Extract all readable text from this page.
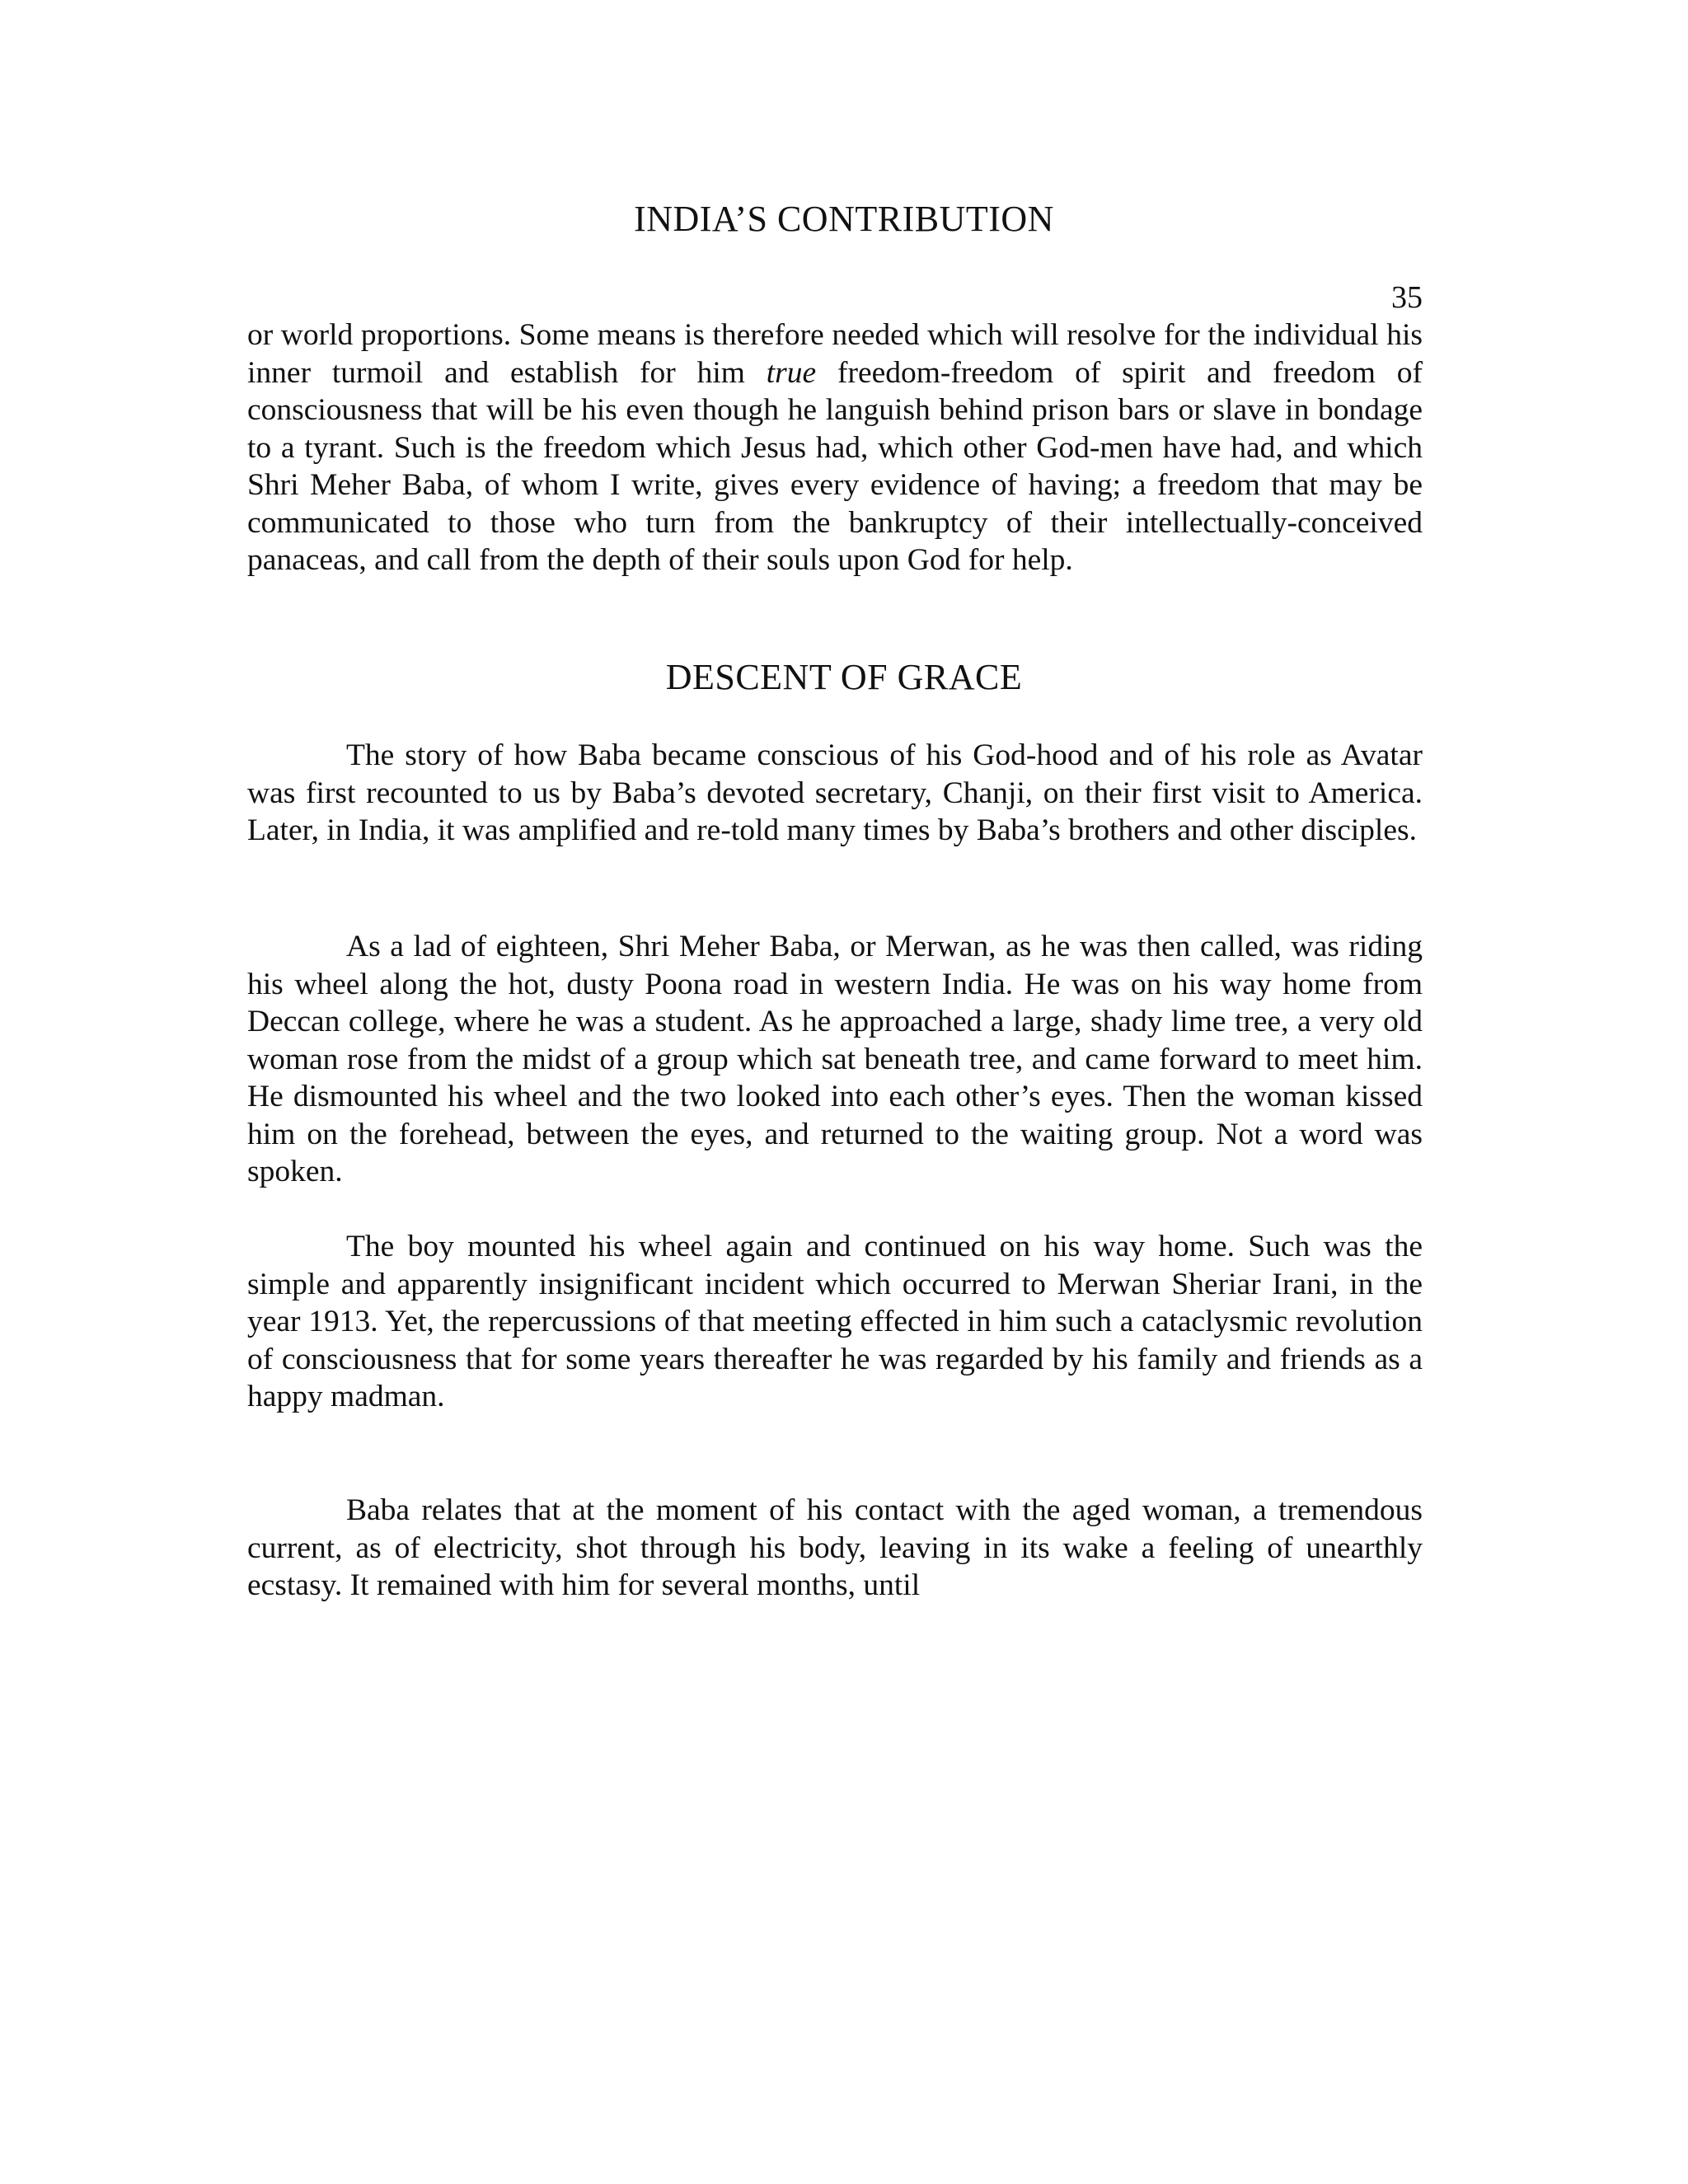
INDIA’S CONTRIBUTION
35

or world proportions. Some means is therefore needed which will resolve for the individual his inner turmoil and establish for him true freedom-freedom of spirit and freedom of consciousness that will be his even though he languish behind prison bars or slave in bondage to a tyrant. Such is the freedom which Jesus had, which other God-men have had, and which Shri Meher Baba, of whom I write, gives every evidence of having; a freedom that may be communicated to those who turn from the bankruptcy of their intellectually-conceived panaceas, and call from the depth of their souls upon God for help.

DESCENT OF GRACE

The story of how Baba became conscious of his God-hood and of his role as Avatar was first recounted to us by Baba’s devoted secretary, Chanji, on their first visit to America. Later, in India, it was amplified and re-told many times by Baba’s brothers and other disciples.

As a lad of eighteen, Shri Meher Baba, or Merwan, as he was then called, was riding his wheel along the hot, dusty Poona road in western India. He was on his way home from Deccan college, where he was a student. As he approached a large, shady lime tree, a very old woman rose from the midst of a group which sat beneath tree, and came forward to meet him. He dismounted his wheel and the two looked into each other’s eyes. Then the woman kissed him on the forehead, between the eyes, and returned to the waiting group. Not a word was spoken.

The boy mounted his wheel again and continued on his way home. Such was the simple and apparently insignificant incident which occurred to Merwan Sheriar Irani, in the year 1913. Yet, the repercussions of that meeting effected in him such a cataclysmic revolution of consciousness that for some years thereafter he was regarded by his family and friends as a happy madman.

Baba relates that at the moment of his contact with the aged woman, a tremendous current, as of electricity, shot through his body, leaving in its wake a feeling of unearthly ecstasy. It remained with him for several months, until
